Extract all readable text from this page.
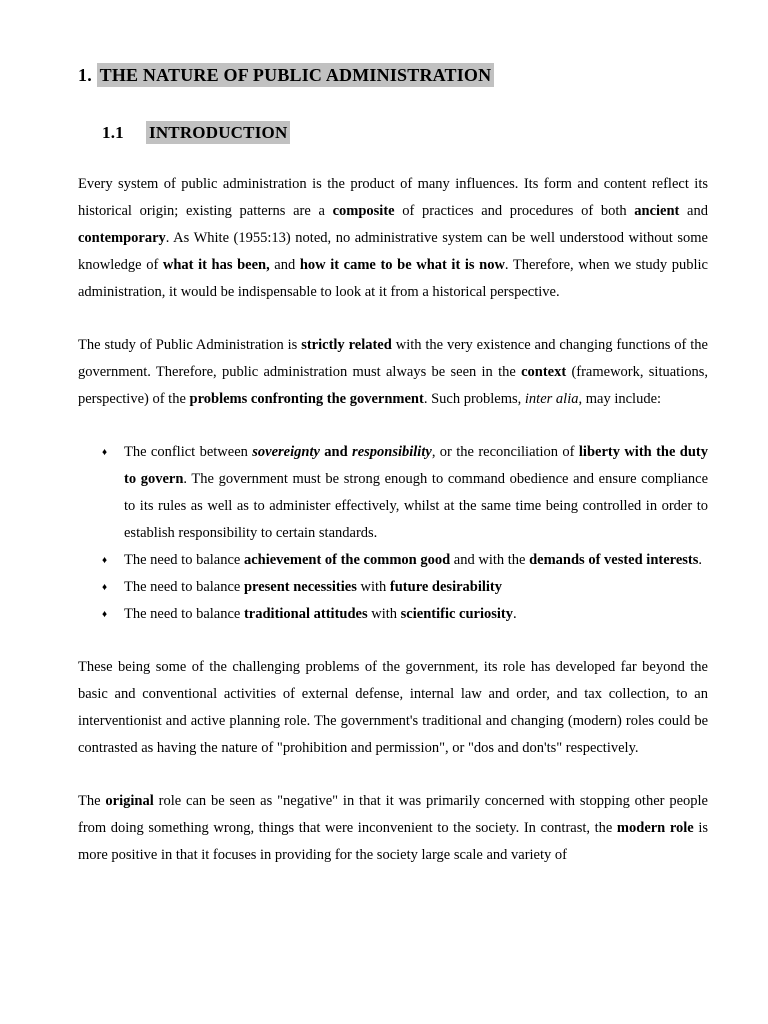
1. THE NATURE OF PUBLIC ADMINISTRATION
1.1 INTRODUCTION

Every system of public administration is the product of many influences. Its form and content reflect its historical origin; existing patterns are a composite of practices and procedures of both ancient and contemporary. As White (1955:13) noted, no administrative system can be well understood without some knowledge of what it has been, and how it came to be what it is now. Therefore, when we study public administration, it would be indispensable to look at it from a historical perspective.

The study of Public Administration is strictly related with the very existence and changing functions of the government. Therefore, public administration must always be seen in the context (framework, situations, perspective) of the problems confronting the government. Such problems, inter alia, may include:

♦ The conflict between sovereignty and responsibility, or the reconciliation of liberty with the duty to govern. The government must be strong enough to command obedience and ensure compliance to its rules as well as to administer effectively, whilst at the same time being controlled in order to establish responsibility to certain standards.
♦ The need to balance achievement of the common good and with the demands of vested interests.
♦ The need to balance present necessities with future desirability
♦ The need to balance traditional attitudes with scientific curiosity.

These being some of the challenging problems of the government, its role has developed far beyond the basic and conventional activities of external defense, internal law and order, and tax collection, to an interventionist and active planning role. The government's traditional and changing (modern) roles could be contrasted as having the nature of "prohibition and permission", or "dos and don'ts" respectively.

The original role can be seen as "negative" in that it was primarily concerned with stopping other people from doing something wrong, things that were inconvenient to the society. In contrast, the modern role is more positive in that it focuses in providing for the society large scale and variety of
